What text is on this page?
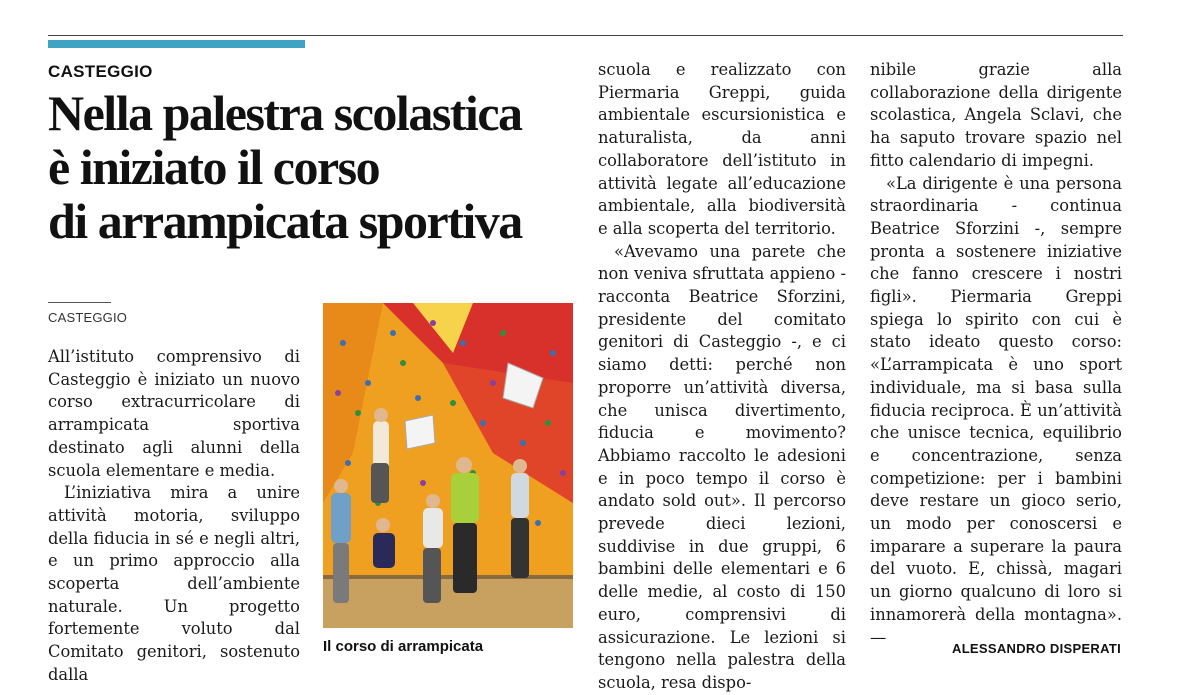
CASTEGGIO
Nella palestra scolastica
è iniziato il corso
di arrampicata sportiva
CASTEGGIO

All’istituto comprensivo di Casteggio è iniziato un nuovo corso extracurricolare di arrampicata sportiva destinato agli alunni della scuola elementare e media.

L’iniziativa mira a unire attività motoria, sviluppo della fiducia in sé e negli altri, e un primo approccio alla scoperta dell’ambiente naturale. Un progetto fortemente voluto dal Comitato genitori, sostenuto dalla

Il corso di arrampicata

scuola e realizzato con Piermaria Greppi, guida ambientale escursionistica e naturalista, da anni collaboratore dell’istituto in attività legate all’educazione ambientale, alla biodiversità e alla scoperta del territorio.

«Avevamo una parete che non veniva sfruttata appieno - racconta Beatrice Sforzini, presidente del comitato genitori di Casteggio -, e ci siamo detti: perché non proporre un’attività diversa, che unisca divertimento, fiducia e movimento? Abbiamo raccolto le adesioni e in poco tempo il corso è andato sold out». Il percorso prevede dieci lezioni, suddivise in due gruppi, 6 bambini delle elementari e 6 delle medie, al costo di 150 euro, comprensivi di assicurazione. Le lezioni si tengono nella palestra della scuola, resa dispo-

nibile grazie alla collaborazione della dirigente scolastica, Angela Sclavi, che ha saputo trovare spazio nel fitto calendario di impegni.

«La dirigente è una persona straordinaria - continua Beatrice Sforzini -, sempre pronta a sostenere iniziative che fanno crescere i nostri figli». Piermaria Greppi spiega lo spirito con cui è stato ideato questo corso: «L’arrampicata è uno sport individuale, ma si basa sulla fiducia reciproca. È un’attività che unisce tecnica, equilibrio e concentrazione, senza competizione: per i bambini deve restare un gioco serio, un modo per conoscersi e imparare a superare la paura del vuoto. E, chissà, magari un giorno qualcuno di loro si innamorerà della montagna». —

ALESSANDRO DISPERATI
